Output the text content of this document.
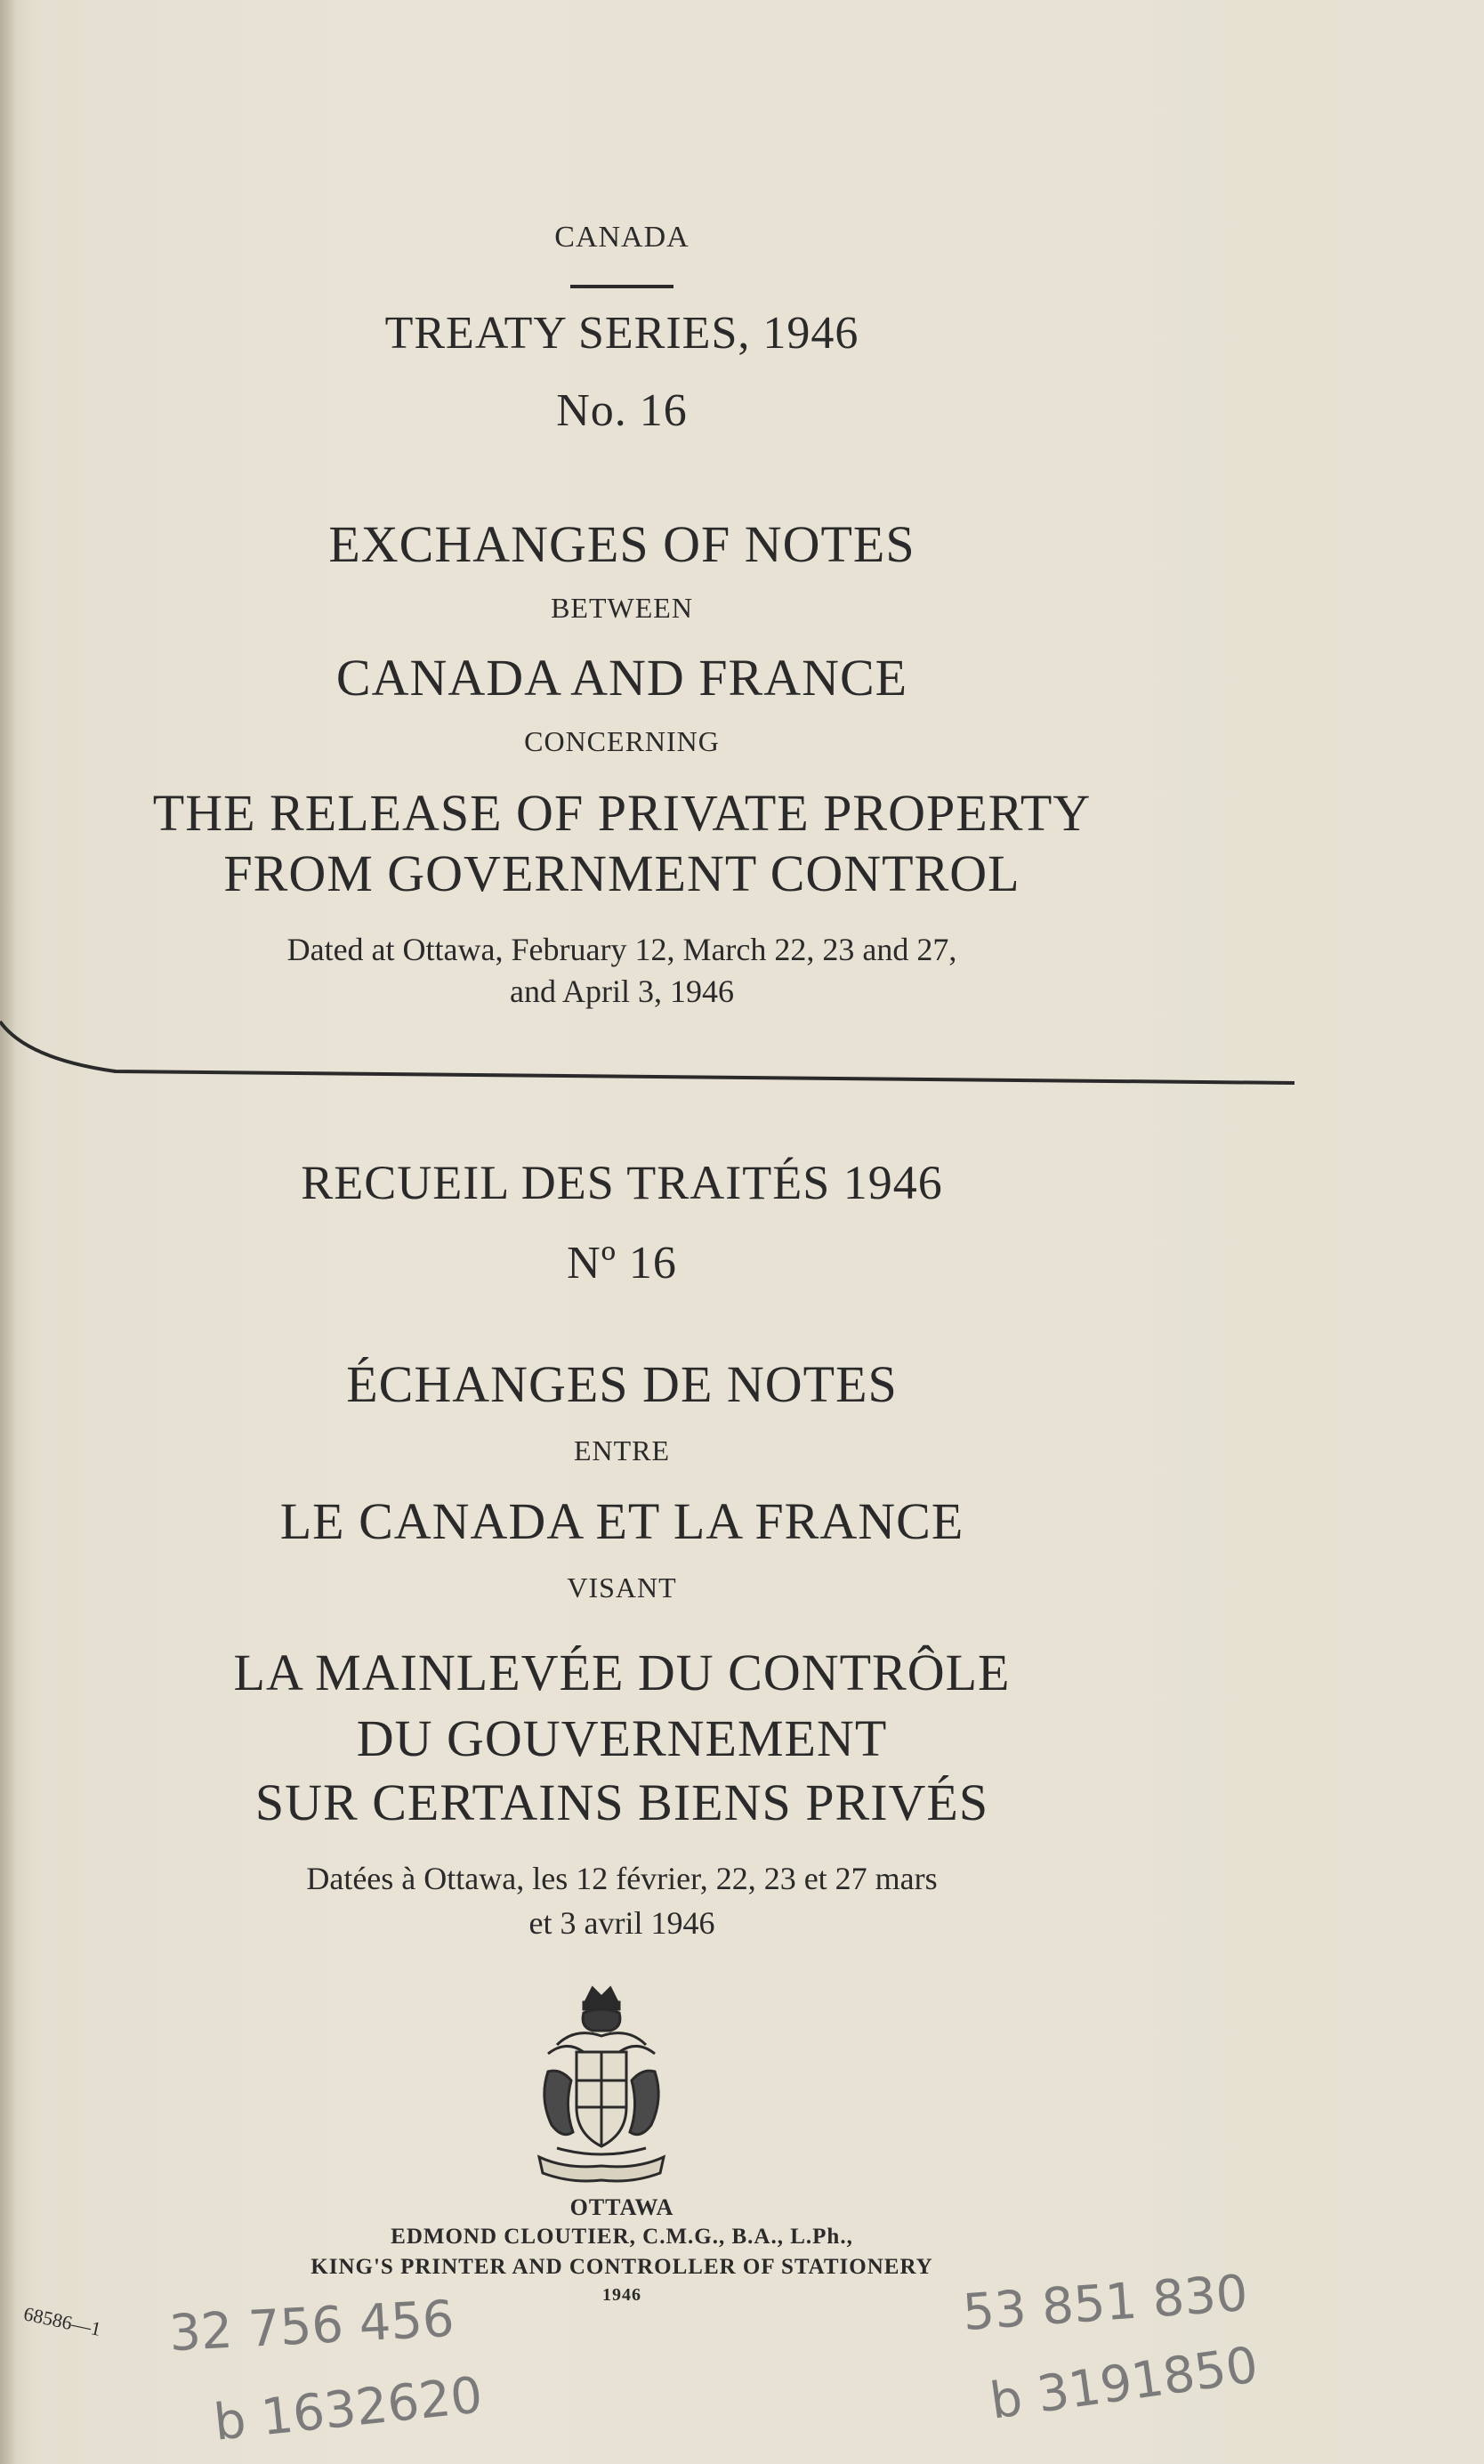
CANADA
TREATY SERIES, 1946
No. 16
EXCHANGES OF NOTES
BETWEEN
CANADA AND FRANCE
CONCERNING
THE RELEASE OF PRIVATE PROPERTY
FROM GOVERNMENT CONTROL
Dated at Ottawa, February 12, March 22, 23 and 27,
and April 3, 1946
RECUEIL DES TRAITÉS 1946
Nº 16
ÉCHANGES DE NOTES
ENTRE
LE CANADA ET LA FRANCE
VISANT
LA MAINLEVÉE DU CONTRÔLE
DU GOUVERNEMENT
SUR CERTAINS BIENS PRIVÉS
Datées à Ottawa, les 12 février, 22, 23 et 27 mars
et 3 avril 1946
OTTAWA
EDMOND CLOUTIER, C.M.G., B.A., L.Ph.,
KING'S PRINTER AND CONTROLLER OF STATIONERY
1946
68586—1 32 756 456
b 1632620
53 851 830
b 3191850
